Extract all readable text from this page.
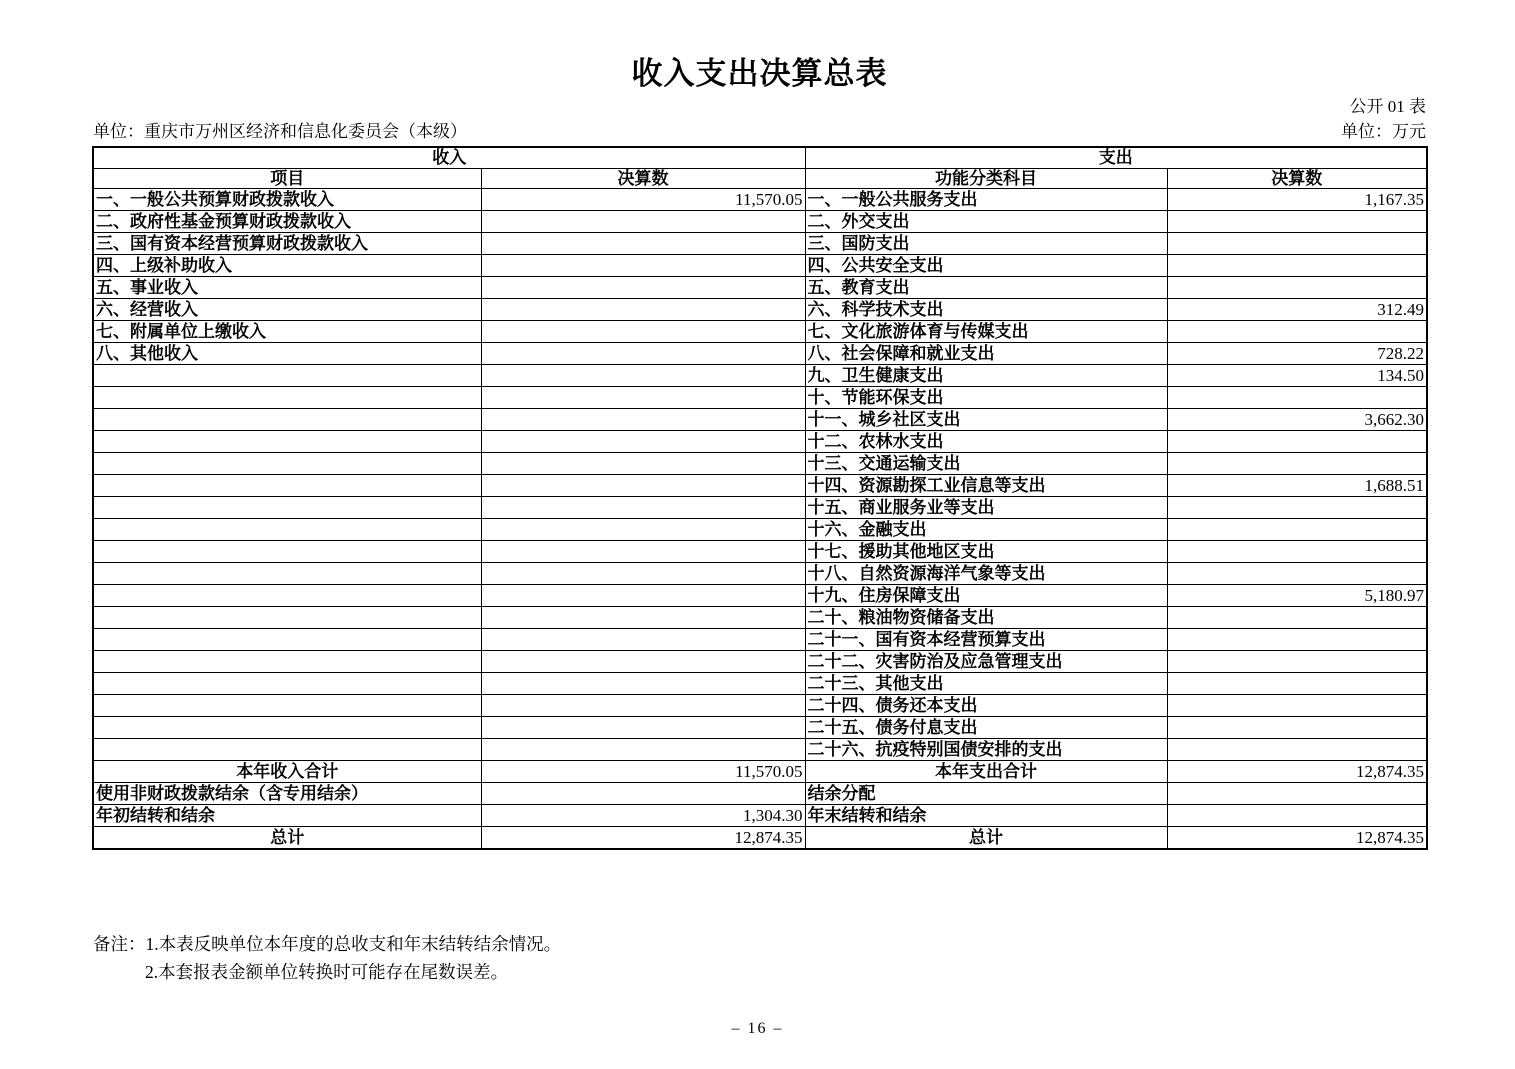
收入支出决算总表
公开 01 表
单位：重庆市万州区经济和信息化委员会（本级）	单位：万元
收入		支出	
项目	决算数	功能分类科目	决算数
一、一般公共预算财政拨款收入	11,570.05	一、一般公共服务支出	1,167.35
二、政府性基金预算财政拨款收入		二、外交支出	
三、国有资本经营预算财政拨款收入		三、国防支出	
四、上级补助收入		四、公共安全支出	
五、事业收入		五、教育支出	
六、经营收入		六、科学技术支出	312.49
七、附属单位上缴收入		七、文化旅游体育与传媒支出	
八、其他收入		八、社会保障和就业支出	728.22
		九、卫生健康支出	134.50
		十、节能环保支出	
		十一、城乡社区支出	3,662.30
		十二、农林水支出	
		十三、交通运输支出	
		十四、资源勘探工业信息等支出	1,688.51
		十五、商业服务业等支出	
		十六、金融支出	
		十七、援助其他地区支出	
		十八、自然资源海洋气象等支出	
		十九、住房保障支出	5,180.97
		二十、粮油物资储备支出	
		二十一、国有资本经营预算支出	
		二十二、灾害防治及应急管理支出	
		二十三、其他支出	
		二十四、债务还本支出	
		二十五、债务付息支出	
		二十六、抗疫特别国债安排的支出	
本年收入合计	11,570.05	本年支出合计	12,874.35
使用非财政拨款结余（含专用结余）		结余分配	
年初结转和结余	1,304.30	年末结转和结余	
总计	12,874.35	总计	12,874.35
备注：1.本表反映单位本年度的总收支和年末结转结余情况。
2.本套报表金额单位转换时可能存在尾数误差。
– 16 –
